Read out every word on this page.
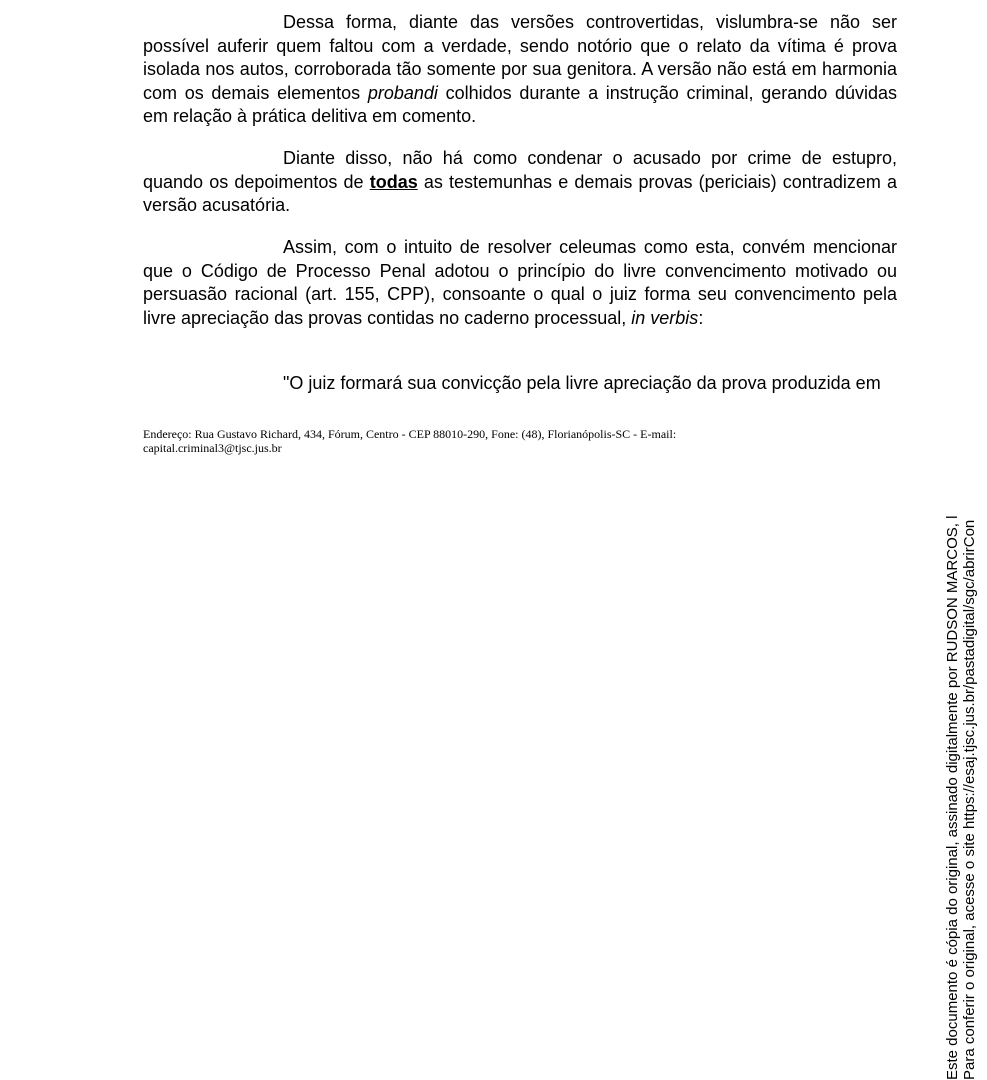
Dessa forma, diante das versões controvertidas, vislumbra-se não ser possível auferir quem faltou com a verdade, sendo notório que o relato da vítima é prova isolada nos autos, corroborada tão somente por sua genitora. A versão não está em harmonia com os demais elementos probandi colhidos durante a instrução criminal, gerando dúvidas em relação à prática delitiva em comento.
Diante disso, não há como condenar o acusado por crime de estupro, quando os depoimentos de todas as testemunhas e demais provas (periciais) contradizem a versão acusatória.
Assim, com o intuito de resolver celeumas como esta, convém mencionar que o Código de Processo Penal adotou o princípio do livre convencimento motivado ou persuasão racional (art. 155, CPP), consoante o qual o juiz forma seu convencimento pela livre apreciação das provas contidas no caderno processual, in verbis:
"O juiz formará sua convicção pela livre apreciação da prova produzida em
Endereço: Rua Gustavo Richard, 434, Fórum, Centro - CEP 88010-290, Fone: (48), Florianópolis-SC - E-mail:
capital.criminal3@tjsc.jus.br
Este documento é cópia do original, assinado digitalmente por RUDSON MARCOS, l Para conferir o original, acesse o site https://esaj.tjsc.jus.br/pastadigital/sgc/abrirCon
